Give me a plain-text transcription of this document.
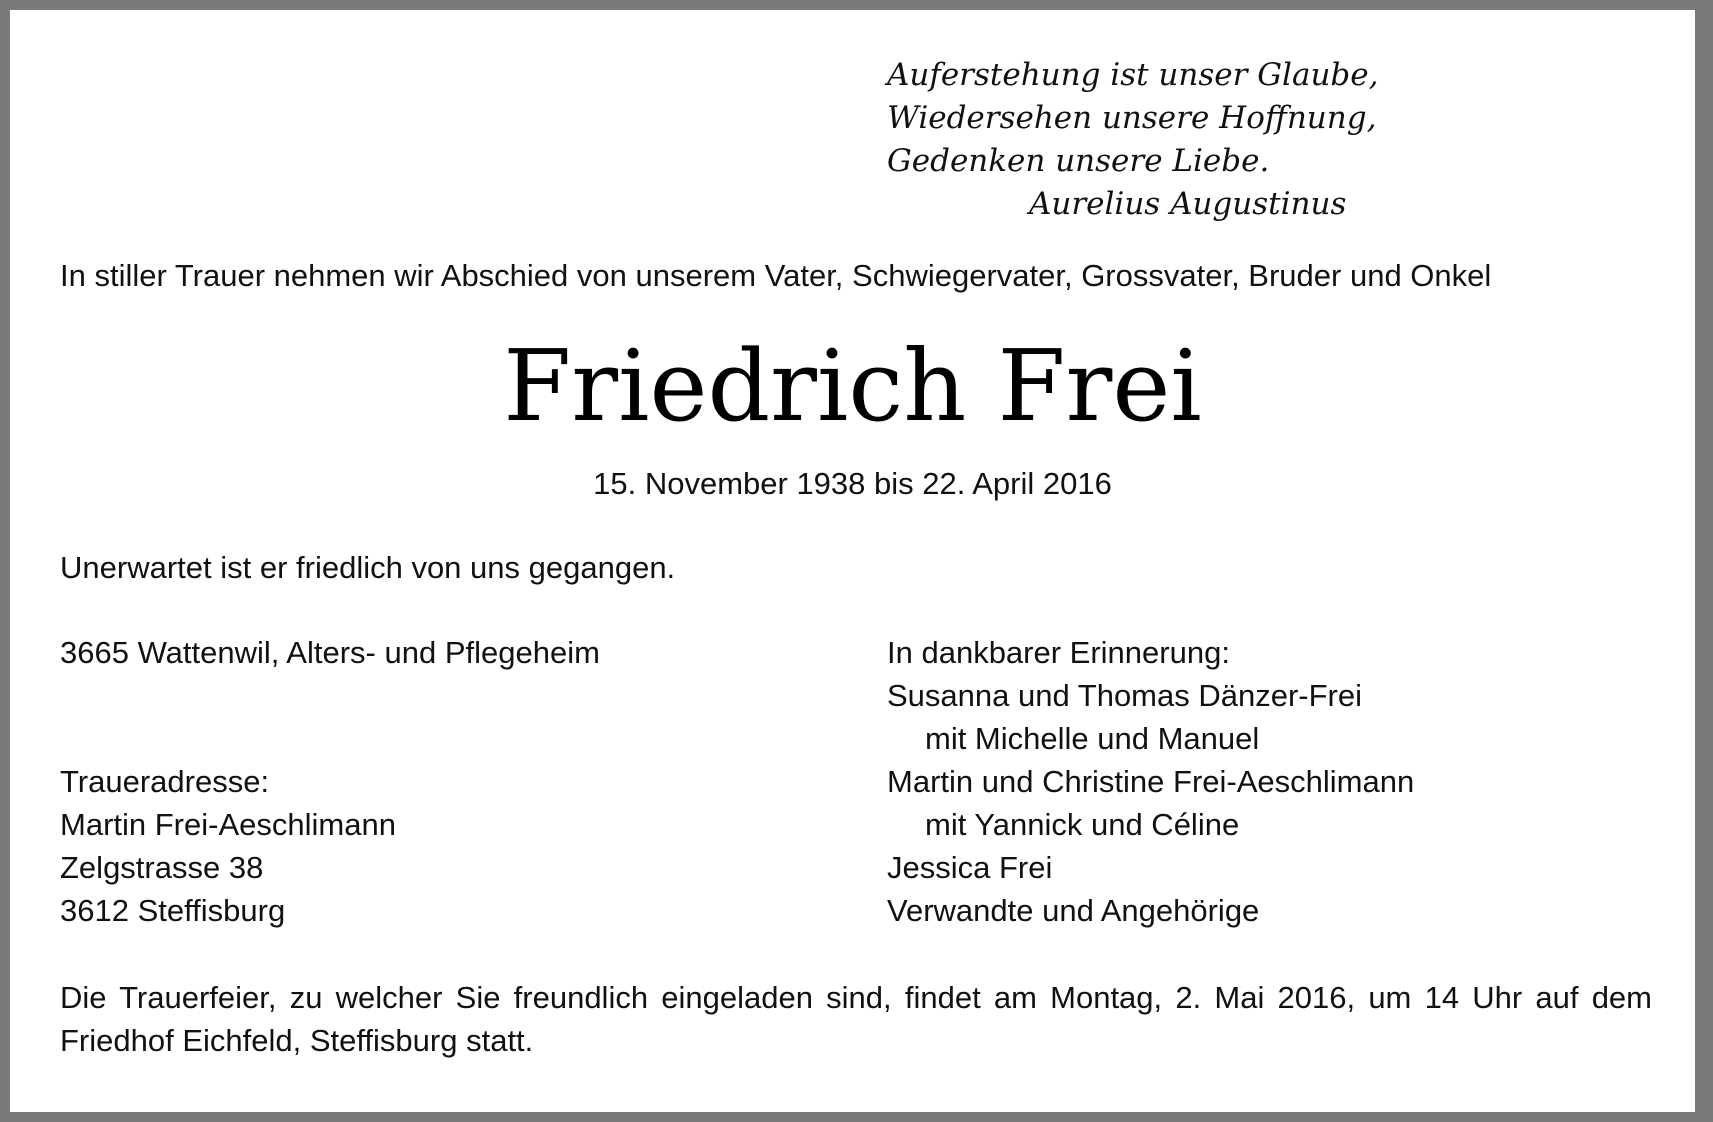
Auferstehung ist unser Glaube,
Wiedersehen unsere Hoffnung,
Gedenken unsere Liebe.
Aurelius Augustinus

In stiller Trauer nehmen wir Abschied von unserem Vater, Schwiegervater, Grossvater, Bruder und Onkel

Friedrich Frei

15. November 1938 bis 22. April 2016

Unerwartet ist er friedlich von uns gegangen.

3665 Wattenwil, Alters- und Pflegeheim

Traueradresse:
Martin Frei-Aeschlimann
Zelgstrasse 38
3612 Steffisburg
In dankbarer Erinnerung:
Susanna und Thomas Dänzer-Frei
mit Michelle und Manuel
Martin und Christine Frei-Aeschlimann
mit Yannick und Céline
Jessica Frei
Verwandte und Angehörige

Die Trauerfeier, zu welcher Sie freundlich eingeladen sind, findet am Montag, 2. Mai 2016, um 14 Uhr auf dem Friedhof Eichfeld, Steffisburg statt.
